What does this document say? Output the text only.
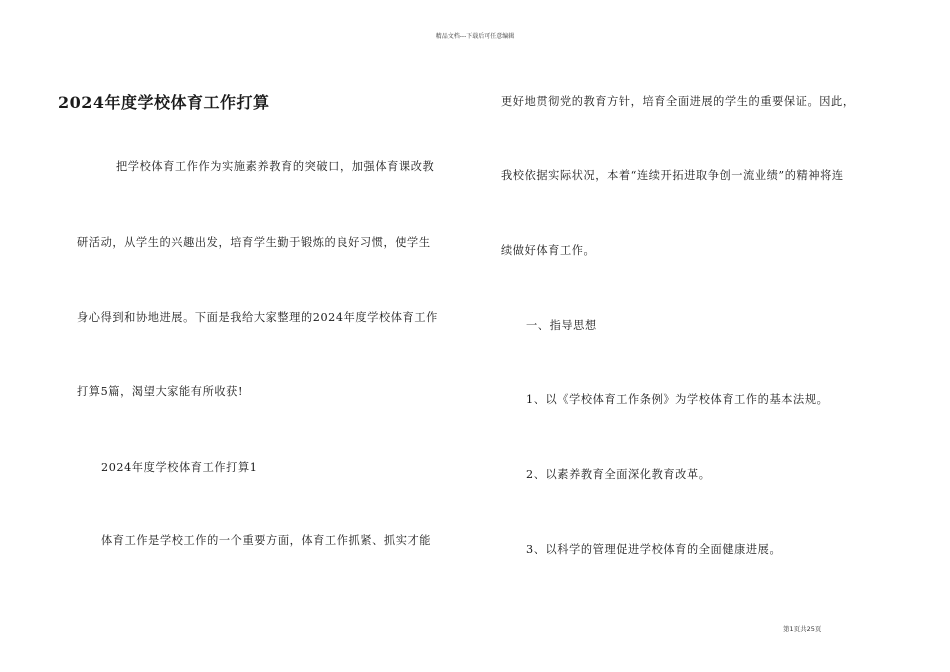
精品文档---下载后可任意编辑
2024年度学校体育工作打算
把学校体育工作作为实施素养教育的突破口，加强体育课改教
研活动，从学生的兴趣出发，培育学生勤于锻炼的良好习惯，使学生
身心得到和协地进展。下面是我给大家整理的2024年度学校体育工作
打算5篇，渴望大家能有所收获!
2024年度学校体育工作打算1
体育工作是学校工作的一个重要方面，体育工作抓紧、抓实才能
更好地贯彻党的教育方针，培育全面进展的学生的重要保证。因此，
我校依据实际状况，本着“连续开拓进取争创一流业绩”的精神将连
续做好体育工作。
一、指导思想
1、以《学校体育工作条例》为学校体育工作的基本法规。
2、以素养教育全面深化教育改革。
3、以科学的管理促进学校体育的全面健康进展。
第1页共25页
